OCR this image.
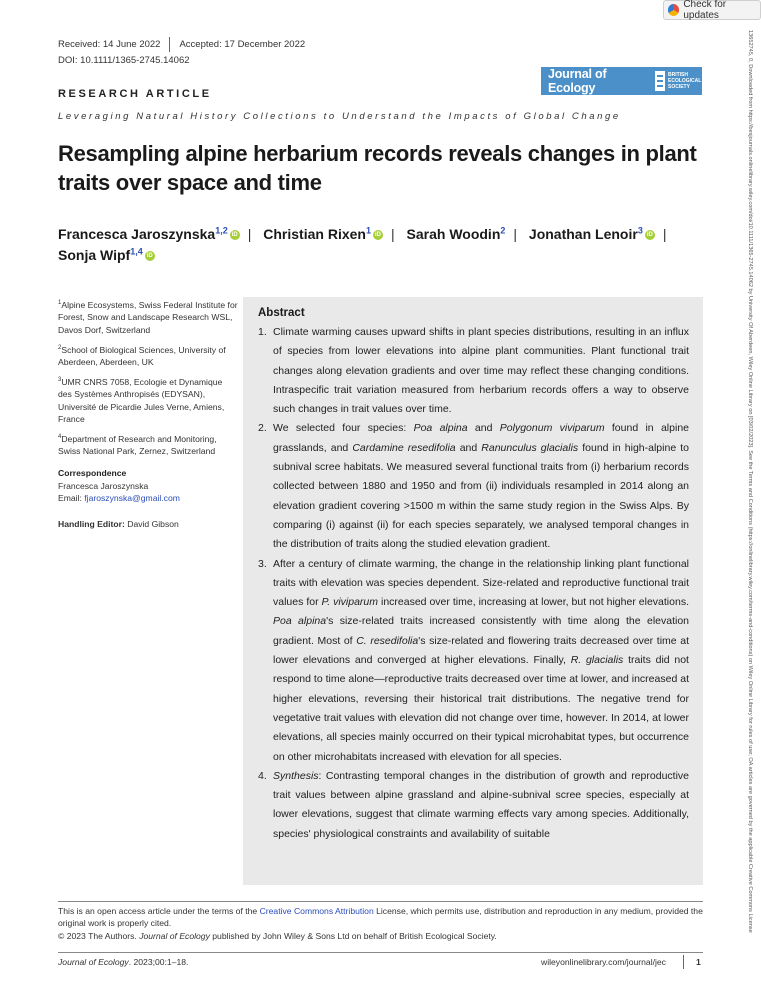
Check for updates
Received: 14 June 2022 Accepted: 17 December 2022
DOI: 10.1111/1365-2745.14062
Journal of Ecology
BRITISH
ECOLOGICAL
SOCIETY
RESEARCH ARTICLE
Leveraging Natural History Collections to Understand the Impacts of Global Change
Resampling alpine herbarium records reveals changes in plant traits over space and time
Francesca Jaroszynska$^{1,2}$ iD | Christian Rixen$^1$ iD | Sarah Woodin$^2$ | Jonathan Lenoir$^3$ iD | Sonja Wipf$^{1,4}$ iD
$^1$Alpine Ecosystems, Swiss Federal Institute for Forest, Snow and Landscape Research WSL, Davos Dorf, Switzerland
$^2$School of Biological Sciences, University of Aberdeen, Aberdeen, UK
$^3$UMR CNRS 7058, Ecologie et Dynamique des Systèmes Anthropisés (EDYSAN), Université de Picardie Jules Verne, Amiens, France
$^4$Department of Research and Monitoring, Swiss National Park, Zernez, Switzerland
Correspondence
Francesca Jaroszynska
Email: fjaroszynska@gmail.com
Handling Editor: David Gibson
Abstract
1. Climate warming causes upward shifts in plant species distributions, resulting in an influx of species from lower elevations into alpine plant communities. Plant functional trait changes along elevation gradients and over time may reflect these changing conditions. Intraspecific trait variation measured from herbarium records offers a way to observe such changes in trait values over time.
2. We selected four species: Poa alpina and Polygonum viviparum found in alpine grasslands, and Cardamine resedifolia and Ranunculus glacialis found in high-alpine to subnival scree habitats. We measured several functional traits from (i) herbarium records collected between 1880 and 1950 and from (ii) individuals resampled in 2014 along an elevation gradient covering >1500 m within the same study region in the Swiss Alps. By comparing (i) against (ii) for each species separately, we analysed temporal changes in the distribution of traits along the studied elevation gradient.
3. After a century of climate warming, the change in the relationship linking plant functional traits with elevation was species dependent. Size-related and reproductive functional trait values for P. viviparum increased over time, increasing at lower, but not higher elevations. Poa alpina's size-related traits increased consistently with time along the elevation gradient. Most of C. resedifolia's size-related and flowering traits decreased over time at lower elevations and converged at higher elevations. Finally, R. glacialis traits did not respond to time alone—reproductive traits decreased over time at lower, and increased at higher elevations, reversing their historical trait distributions. The negative trend for vegetative trait values with elevation did not change over time, however. In 2014, at lower elevations, all species mainly occurred on their typical microhabitat types, but occurrence on other microhabitats increased with elevation for all species.
4. Synthesis: Contrasting temporal changes in the distribution of growth and reproductive trait values between alpine grassland and alpine-subnival scree species, especially at lower elevations, suggest that climate warming effects vary among species. Additionally, species' physiological constraints and availability of suitable
This is an open access article under the terms of the Creative Commons Attribution License, which permits use, distribution and reproduction in any medium, provided the original work is properly cited.
© 2023 The Authors. Journal of Ecology published by John Wiley & Sons Ltd on behalf of British Ecological Society.
Journal of Ecology. 2023;00:1–18.	wileyonlinelibrary.com/journal/jec	1
13652745, 0, Downloaded from https://besjournals.onlinelibrary.wiley.com/doi/10.1111/1365-2745.14062 by University Of Aberdeen, Wiley Online Library on [03/02/2023]. See the Terms and Conditions (https://onlinelibrary.wiley.com/terms-and-conditions) on Wiley Online Library for rules of use; OA articles are governed by the applicable Creative Commons License
